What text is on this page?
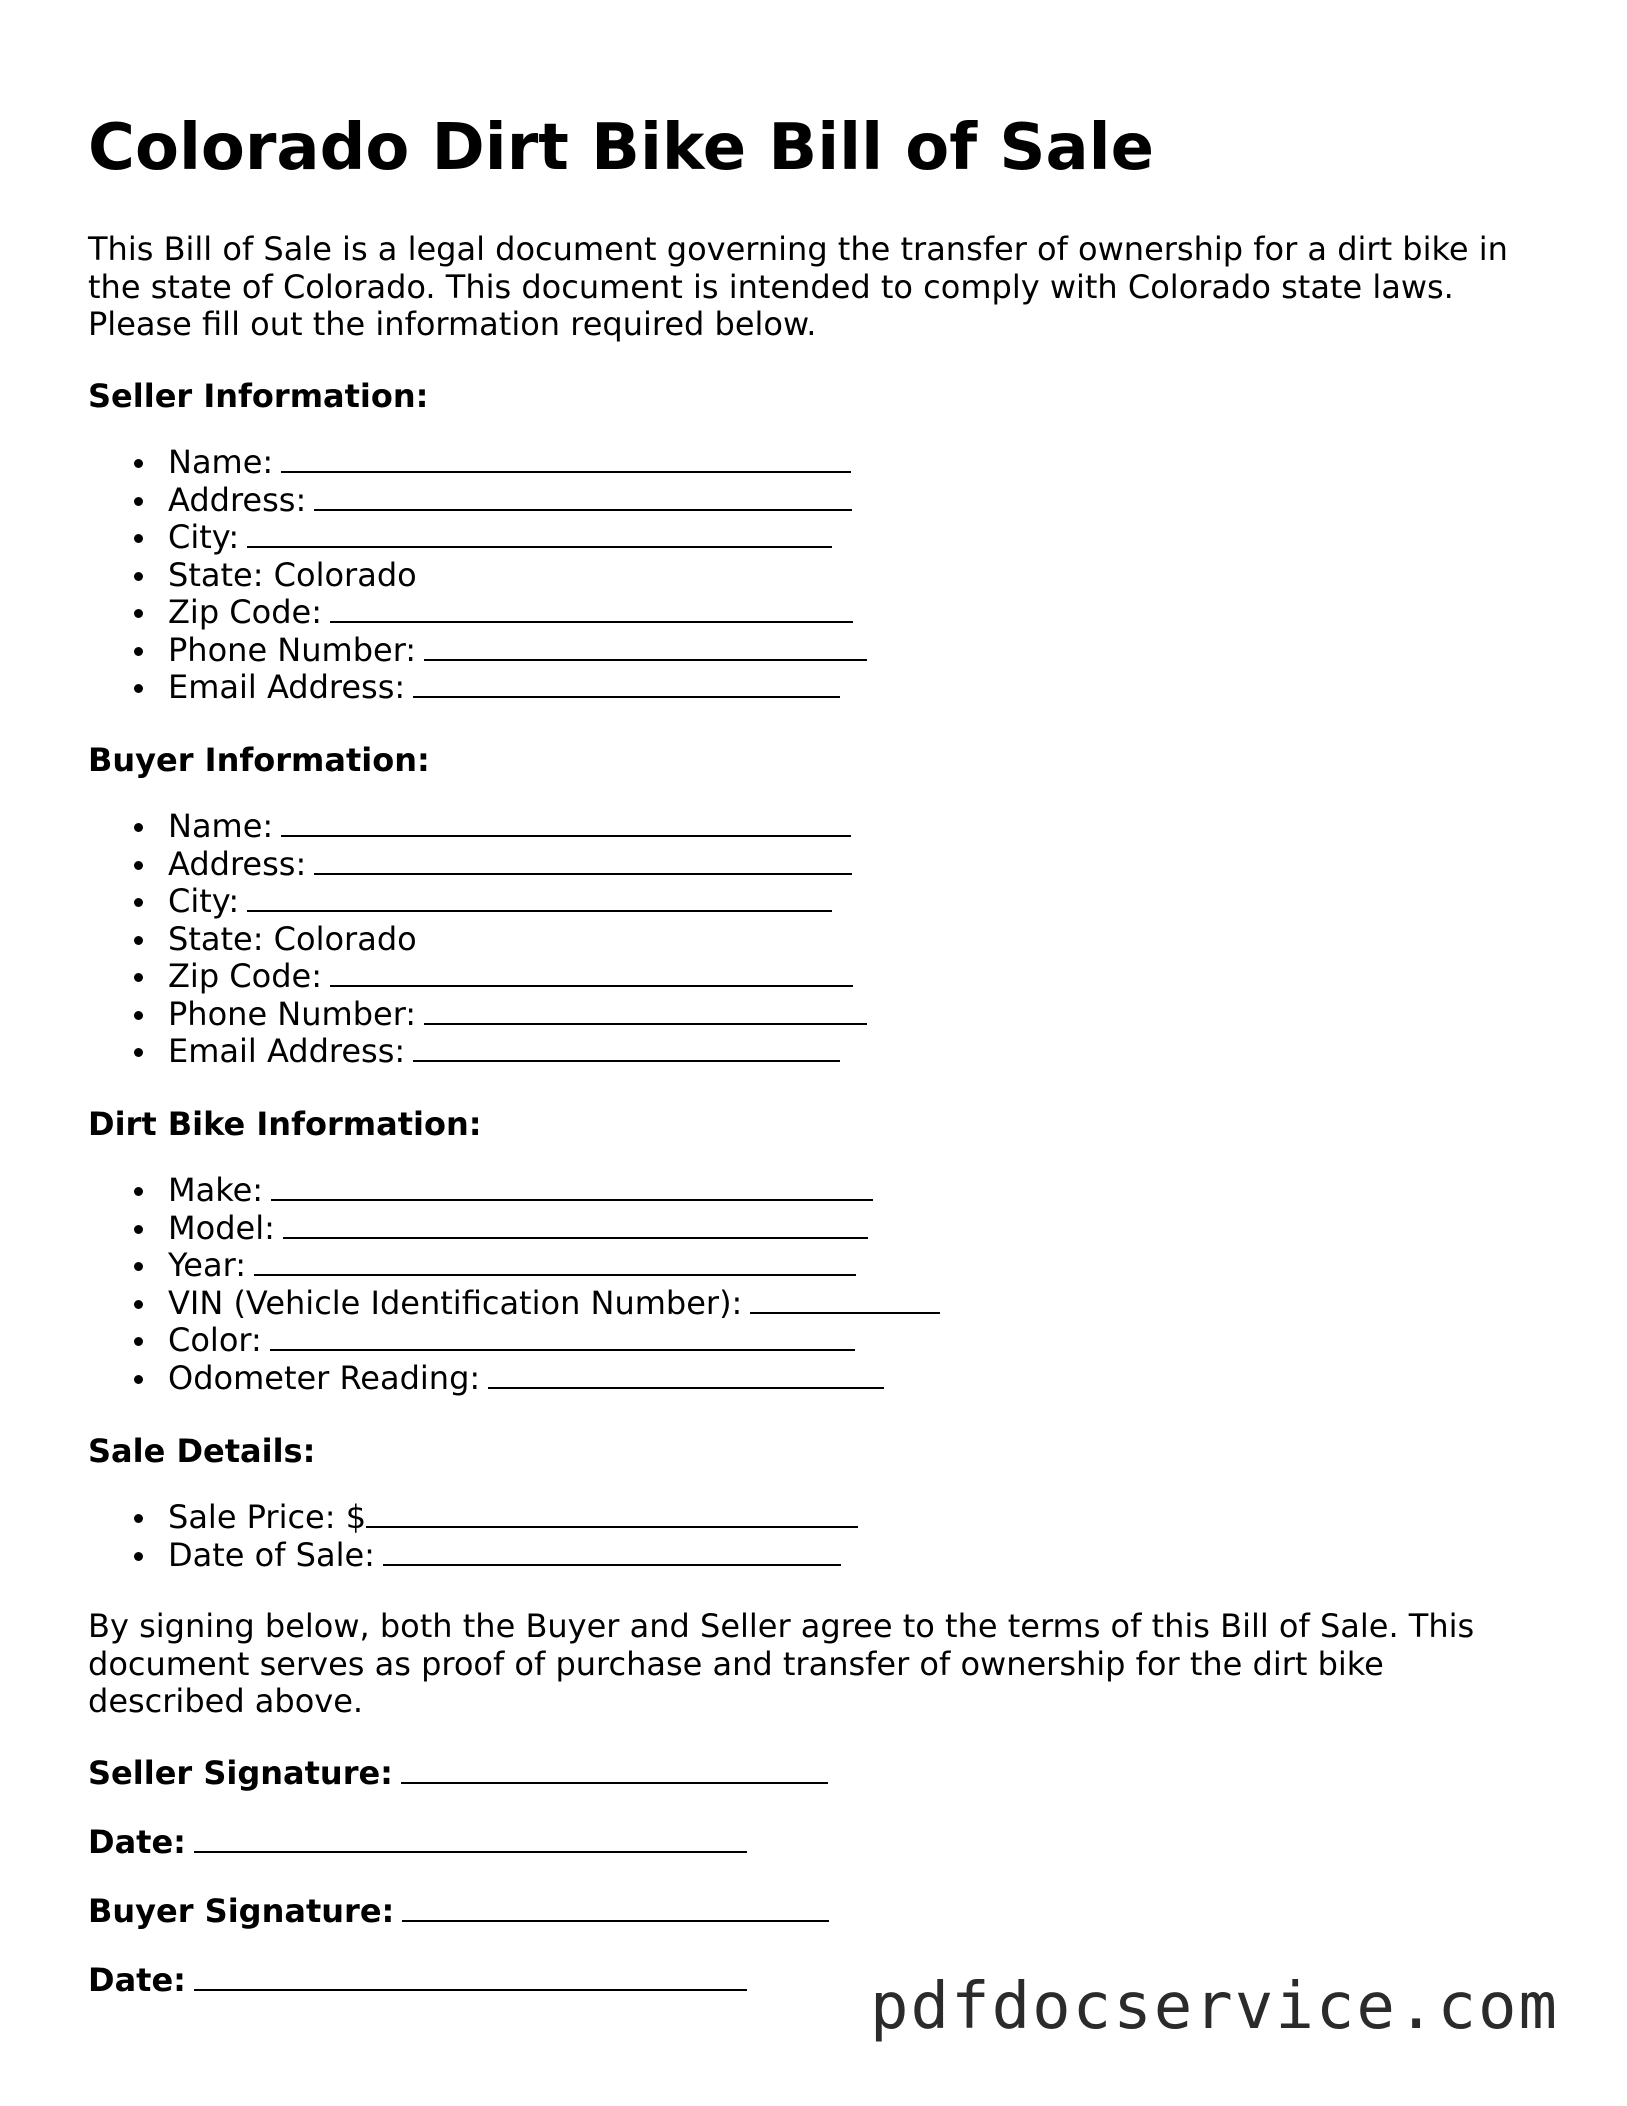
Colorado Dirt Bike Bill of Sale

This Bill of Sale is a legal document governing the transfer of ownership for a dirt bike in the state of Colorado. This document is intended to comply with Colorado state laws. Please fill out the information required below.

Seller Information:
Name:
Address:
City:
State: Colorado
Zip Code:
Phone Number:
Email Address:
Buyer Information:
Name:
Address:
City:
State: Colorado
Zip Code:
Phone Number:
Email Address:
Dirt Bike Information:
Make:
Model:
Year:
VIN (Vehicle Identification Number):
Color:
Odometer Reading:
Sale Details:
Sale Price: $
Date of Sale:

By signing below, both the Buyer and Seller agree to the terms of this Bill of Sale. This document serves as proof of purchase and transfer of ownership for the dirt bike described above.

Seller Signature:
Date:
Buyer Signature:
Date:	pdfdocservice.com
